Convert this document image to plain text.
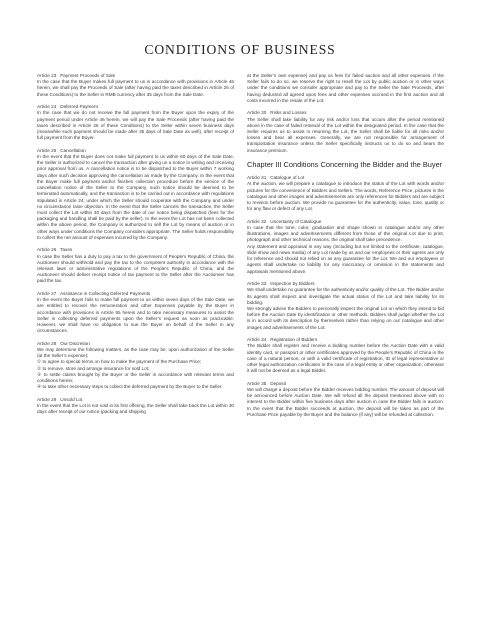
CONDITIONS OF BUSINESS
Article 23   Payment Proceeds of Sale

In the case that the Buyer makes full payment to us in accordance with provisions in Article 46 herein, we shall pay the Proceeds of Sale (after having paid the taxes described in Article 26 of these Conditions) to the Seller in RMB currency after 35 days from the Sale Date.

Article 24   Deferred Payment

In the case that we do not receive the full payment from the Buyer upon the expiry of the payment period under Article 46 herein, we will pay the Sale Proceeds (after having paid the taxes described in Article 26 of these Conditions) to the Seller within seven business days (meanwhile such payment should be made after 35 days of Sale Date as well), after receipt of full payment from the Buyer.

Article 25   Cancellation

In the event that the Buyer does not make full payment to us within 60 days of the Sale Date, the Seller is authorized to cancel the transaction after giving us a notice in writing and receiving prior approval from us. A cancellation notice is to be dispatched to the Buyer within 7 working days after such decision approving the cancellation as made by the Company. In the event that the Buyer make full payment and/or finishes collection procedure before the service of the cancellation notice of the Seller to the Company, such notice should be deemed to be terminated automatically, and the transaction is to be carried out in accordance with regulations stipulated in Article 24; under which the Seller should cooperate with the Company and under no circumstance raise objection. In the event that the Seller cancels the transaction, the Seller must collect the Lot within 30 days from the date of our notice being dispatched (fees for the packaging and handling shall be paid by the seller). In the event the Lot has not been collected within the above period, the Company is authorized to sell the Lot by means of auction or in other ways under conditions the Company considers appropriate. The Seller holds responsibility to collect the net amount of expenses incurred by the Company.

Article 26   Taxes

In case the Seller has a duty to pay a tax to the government of People’s Republic of China, the Auctioneer should withhold and pay the tax to the competent authority in accordance with the relevant laws or administrative regulations of the People’s Republic of China, and the Auctioneer should deliver receipt notice of tax payment to the Seller after the Auctioneer has paid the tax.

Article 27   Assistance in Collecting Deferred Payments

In the event the Buyer fails to make full payment to us within seven days of the Sale Date, we are entitled to recover the remuneration and other Expenses payable by the Buyer in accordance with provisions in Article 55 herein and to take necessary measures to assist the Seller in collecting deferred payments upon the Seller’s request as soon as practicable. However, we shall have no obligation to sue the Buyer on behalf of the Seller in any circumstances.

Article 28   Our Discretion

We may determine the following matters, as the case may be, upon authorization of the Seller (at the Seller’s expense):
① to agree to special terms on how to make the payment of the Purchase Price;
② to remove, store and arrange insurance for sold Lot;
③ to settle claims brought by the Buyer or the Seller in accordance with relevant terms and conditions herein;
④ to take other necessary steps to collect the deferred payment by the Buyer to the Seller.

Article 29   Unsold Lot

In the event that the Lot is not sold in its first offering, the Seller shall take back the Lot within 30 days after receipt of our notice (packing and shipping

at the Seller’s own expense) and pay us fees for failed auction and all other expenses. If the Seller fails to do so, we reserve the right to resell the Lot by public auction or in other ways under the conditions we consider appropriate and pay to the Seller the Sale Proceeds, after having deducted all agreed upon fees and other expenses accrued in the first auction and all costs incurred in the resale of the Lot.

Article 30   Risks and Losses

The Seller shall take liability for any risk and/or loss that occurs after the period mentioned above in the case of failed retrieval of the Lot within the designated period. In the case that the Seller requires us to assist in returning the Lot, the Seller shall be liable for all risks and/or losses and bear all expenses. Generally, we are not responsible for arrangement of transportation insurance unless the Seller specifically instructs us to do so and bears the insurance premium.

Chapter III Conditions Concerning the Bidder and the Buyer
Article 31   Catalogue of Lot

At the auction, we will prepare a catalogue to introduce the status of the Lot with words and/or pictures for the convenience of Bidders and Sellers. The words, Reference Price, pictures in the catalogue and other images and advertisements are only references for Bidders and are subject to revision before auction. We provide no guarantee for the authenticity, value, tone, quality or for any flaw or defect of any Lot.

Article 32   Uncertainty of Catalogue

In case that the tone, color, graduation and shape shown in catalogue and/or any other illustrations, images and advertisements different from those of the original Lot due to print, photograph and other technical reasons, the original shall take precedence.
Any statement and appraisal in any way (including but not limited to the certificate, catalogue, slide show and news media) of any Lot made by us and our employees or their agents are only for reference and should not relied on as any guarantee for the Lot. We and our employees or agents shall undertake no liability for any inaccuracy or omission in the statements and appraisals mentioned above.

Article 33   Inspection by Bidders

We shall undertake no guarantee for the authenticity and/or quality of the Lot. The Bidder and/or its agents shall inspect and investigate the actual status of the Lot and take liability for its bidding.
We strongly advise the Bidders to personally inspect the original Lot on which they intend to bid before the Auction Date by identification or other methods. Bidders shall judge whether the Lot is in accord with its description by themselves rather than relying on our catalogue and other images and advertisements of the Lot.

Article 34   Registration of Bidders

The Bidder shall register and receive a bidding number before the Auction Date with a valid identity card, or passport or other certificates approved by the People’s Republic of China in the case of a natural person, or with a valid certificate of registration, ID of legal representative or other legal authorization certificates in the case of a legal entity or other organization; otherwise it will not be deemed as a legal Bidder.

Article 35   Deposit

We will charge a deposit before the Bidder receives bidding number. The amount of deposit will be announced before Auction Date. We will refund all the deposit mentioned above with no interest to the Bidder within five business days after auction in case the Bidder fails in auction. In the event that the Bidder succeeds at auction, the deposit will be taken as part of the Purchase Price payable by the Buyer and the balance (if any) will be refunded at collection.
